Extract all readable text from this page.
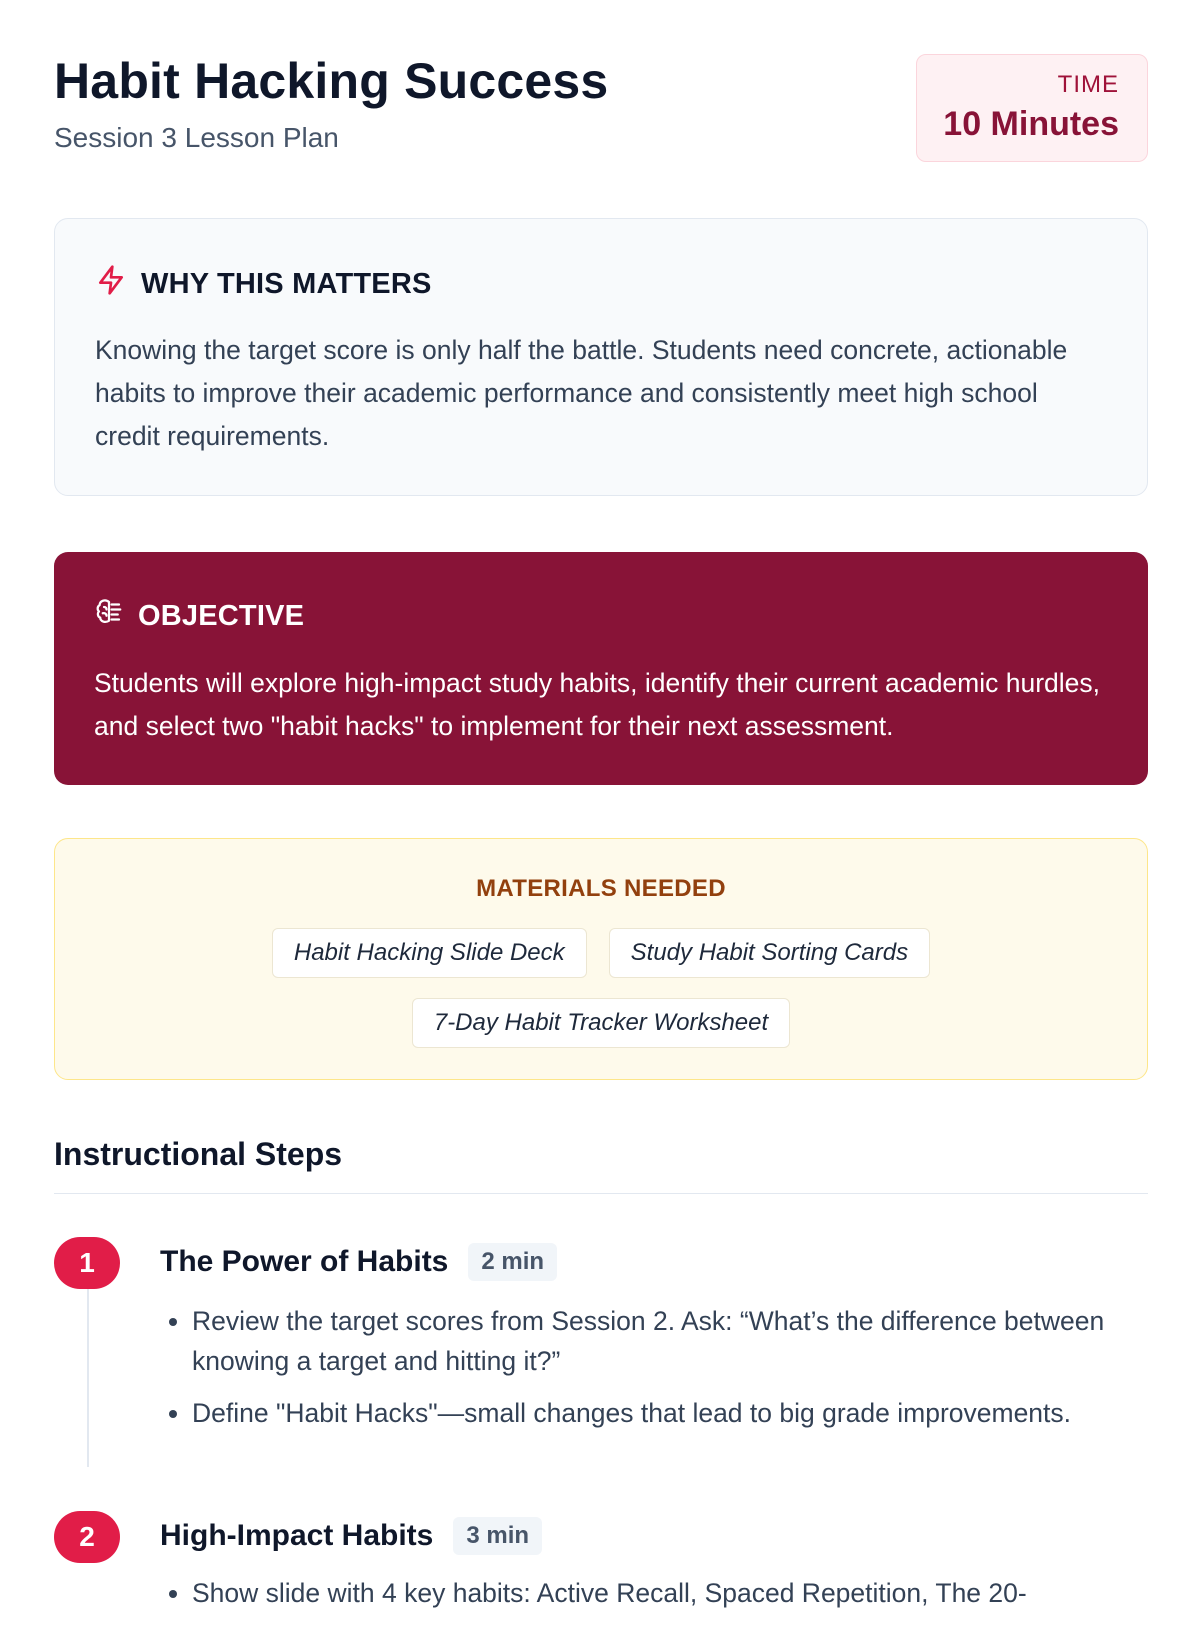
Habit Hacking Success
Session 3 Lesson Plan
TIME
10 Minutes
WHY THIS MATTERS
Knowing the target score is only half the battle. Students need concrete, actionable habits to improve their academic performance and consistently meet high school credit requirements.
OBJECTIVE
Students will explore high-impact study habits, identify their current academic hurdles, and select two "habit hacks" to implement for their next assessment.
MATERIALS NEEDED
Habit Hacking Slide Deck	Study Habit Sorting Cards
7-Day Habit Tracker Worksheet
Instructional Steps
1	The Power of Habits	2 min
• Review the target scores from Session 2. Ask: “What’s the difference between knowing a target and hitting it?”
• Define "Habit Hacks"—small changes that lead to big grade improvements.
2	High-Impact Habits	3 min
• Show slide with 4 key habits: Active Recall, Spaced Repetition, The 20-
